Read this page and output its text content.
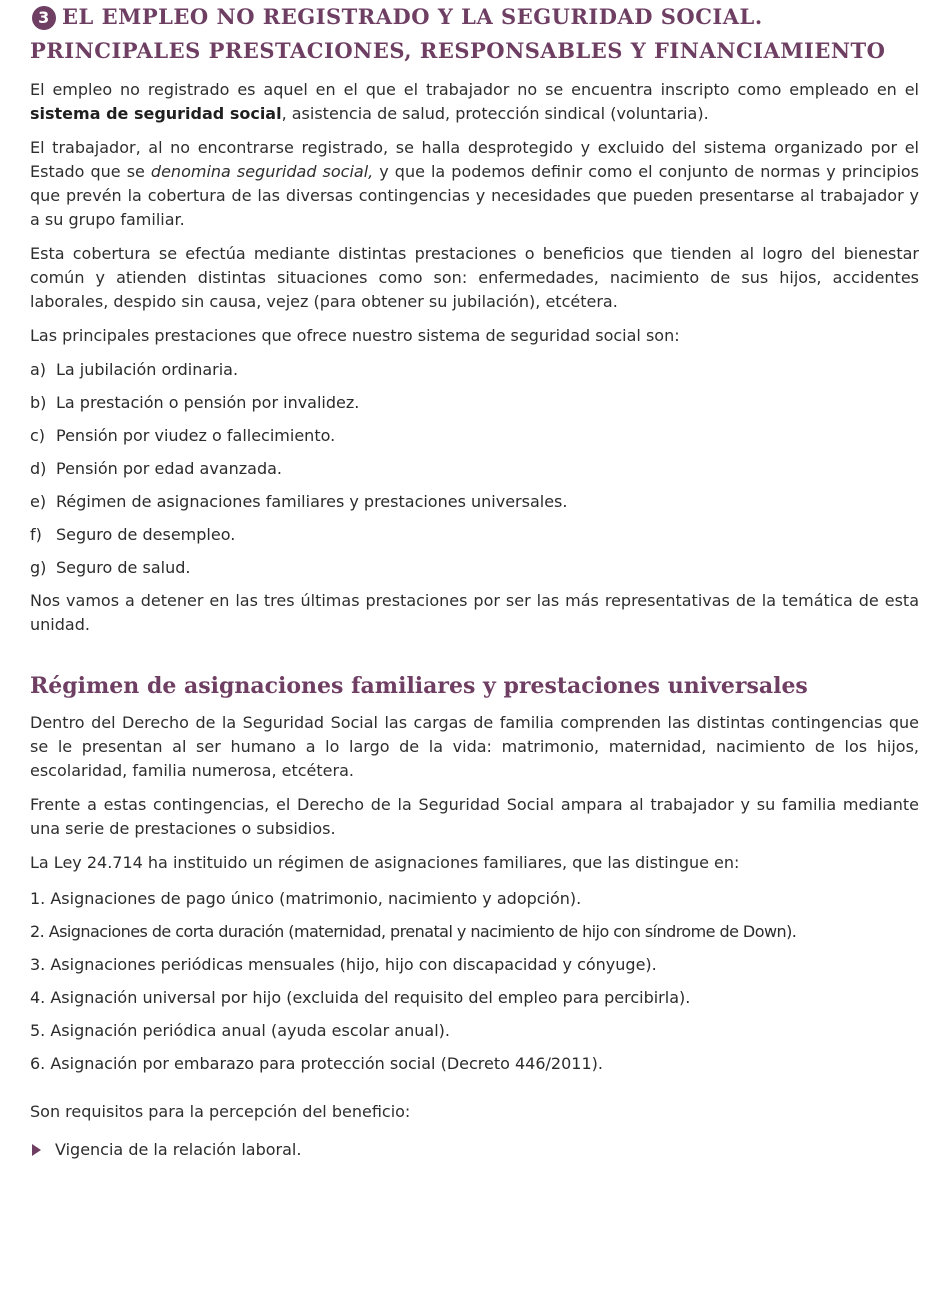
3 EL EMPLEO NO REGISTRADO Y LA SEGURIDAD SOCIAL.
PRINCIPALES PRESTACIONES, RESPONSABLES Y FINANCIAMIENTO

El empleo no registrado es aquel en el que el trabajador no se encuentra inscripto como empleado en el sistema de seguridad social, asistencia de salud, protección sindical (voluntaria).

El trabajador, al no encontrarse registrado, se halla desprotegido y excluido del sistema organizado por el Estado que se denomina seguridad social, y que la podemos definir como el conjunto de normas y principios que prevén la cobertura de las diversas contingencias y necesidades que pueden presentarse al trabajador y a su grupo familiar.

Esta cobertura se efectúa mediante distintas prestaciones o beneficios que tienden al logro del bienestar común y atienden distintas situaciones como son: enfermedades, nacimiento de sus hijos, accidentes laborales, despido sin causa, vejez (para obtener su jubilación), etcétera.

Las principales prestaciones que ofrece nuestro sistema de seguridad social son:

a) La jubilación ordinaria.
b) La prestación o pensión por invalidez.
c) Pensión por viudez o fallecimiento.
d) Pensión por edad avanzada.
e) Régimen de asignaciones familiares y prestaciones universales.
f) Seguro de desempleo.
g) Seguro de salud.

Nos vamos a detener en las tres últimas prestaciones por ser las más representativas de la temática de esta unidad.

Régimen de asignaciones familiares y prestaciones universales

Dentro del Derecho de la Seguridad Social las cargas de familia comprenden las distintas contingencias que se le presentan al ser humano a lo largo de la vida: matrimonio, maternidad, nacimiento de los hijos, escolaridad, familia numerosa, etcétera.

Frente a estas contingencias, el Derecho de la Seguridad Social ampara al trabajador y su familia mediante una serie de prestaciones o subsidios.

La Ley 24.714 ha instituido un régimen de asignaciones familiares, que las distingue en:

1. Asignaciones de pago único (matrimonio, nacimiento y adopción).
2. Asignaciones de corta duración (maternidad, prenatal y nacimiento de hijo con síndrome de Down).
3. Asignaciones periódicas mensuales (hijo, hijo con discapacidad y cónyuge).
4. Asignación universal por hijo (excluida del requisito del empleo para percibirla).
5. Asignación periódica anual (ayuda escolar anual).
6. Asignación por embarazo para protección social (Decreto 446/2011).

Son requisitos para la percepción del beneficio:

Vigencia de la relación laboral.
